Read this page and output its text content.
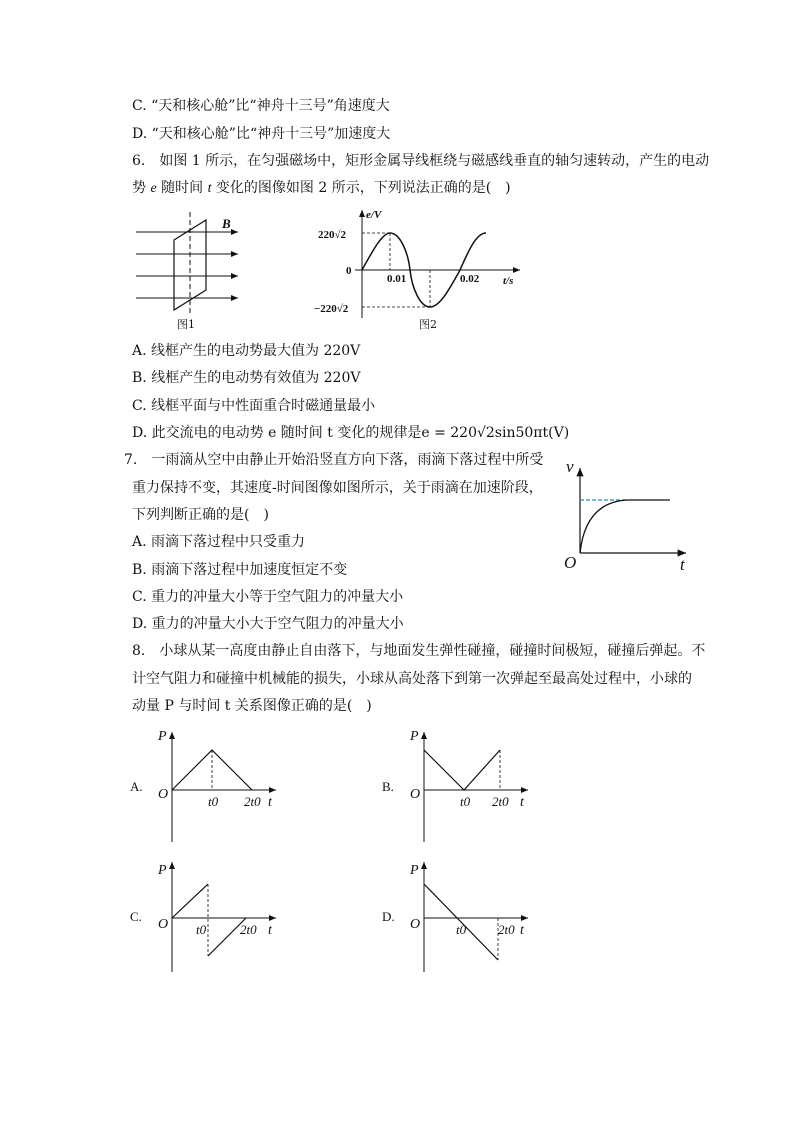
C. “天和核心舱”比“神舟十三号”角速度大
D. “天和核心舱”比“神舟十三号”加速度大
6.　如图 1 所示，在匀强磁场中，矩形金属导线框绕与磁感线垂直的轴匀速转动，产生的电动
势 e 随时间 t 变化的图像如图 2 所示，下列说法正确的是(　)
B
图1
e/V
t/s
220√2
−220√2
0
0.01	0.02
图2
A. 线框产生的电动势最大值为 220V
B. 线框产生的电动势有效值为 220V
C. 线框平面与中性面重合时磁通量最小
D. 此交流电的电动势 e 随时间 t 变化的规律是e = 220√2sin50πt(V)
7.　一雨滴从空中由静止开始沿竖直方向下落，雨滴下落过程中所受
重力保持不变，其速度-时间图像如图所示，关于雨滴在加速阶段，
下列判断正确的是(　)
A. 雨滴下落过程中只受重力
B. 雨滴下落过程中加速度恒定不变
C. 重力的冲量大小等于空气阻力的冲量大小
D. 重力的冲量大小大于空气阻力的冲量大小
v
t
O
8.　小球从某一高度由静止自由落下，与地面发生弹性碰撞，碰撞时间极短，碰撞后弹起。不
计空气阻力和碰撞中机械能的损失，小球从高处落下到第一次弹起至最高处过程中，小球的
动量 P 与时间 t 关系图像正确的是(　)
A.
P
t
O	t0 2t0
B.
P
t
O	t0 2t0
C.
P
t
O t0	2t0
D.
P
t
O	t0 2t0
